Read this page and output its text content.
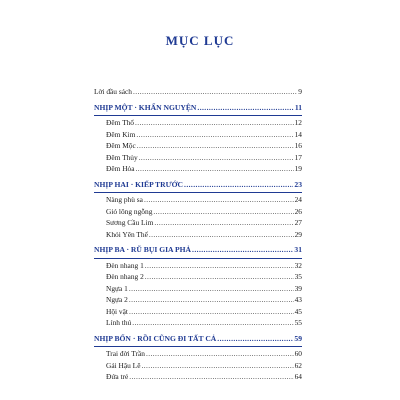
MỤC LỤC
Lời đầu sách .....	9
NHỊP MỘT · KHẨN NGUYỆN .....	11
Đêm Thổ .....	12
Đêm Kim .....	14
Đêm Mộc .....	16
Đêm Thủy .....	17
Đêm Hỏa .....	19
NHỊP HAI · KIẾP TRƯỚC .....	23
Nàng phù sa .....	24
Gió lông ngỗng .....	26
Sương Cầu Lim .....	27
Khói Yên Thế .....	29
NHỊP BA · RŨ BỤI GIA PHẢ .....	31
Đèn nhang 1 .....	32
Đèn nhang 2 .....	35
Ngựa 1 .....	39
Ngựa 2 .....	43
Hội vật .....	45
Lính thú .....	55
NHỊP BỐN · RỒI CŨNG ĐI TẤT CẢ .....	59
Trai đời Trần .....	60
Gái Hậu Lê .....	62
Đứa trẻ .....	64
